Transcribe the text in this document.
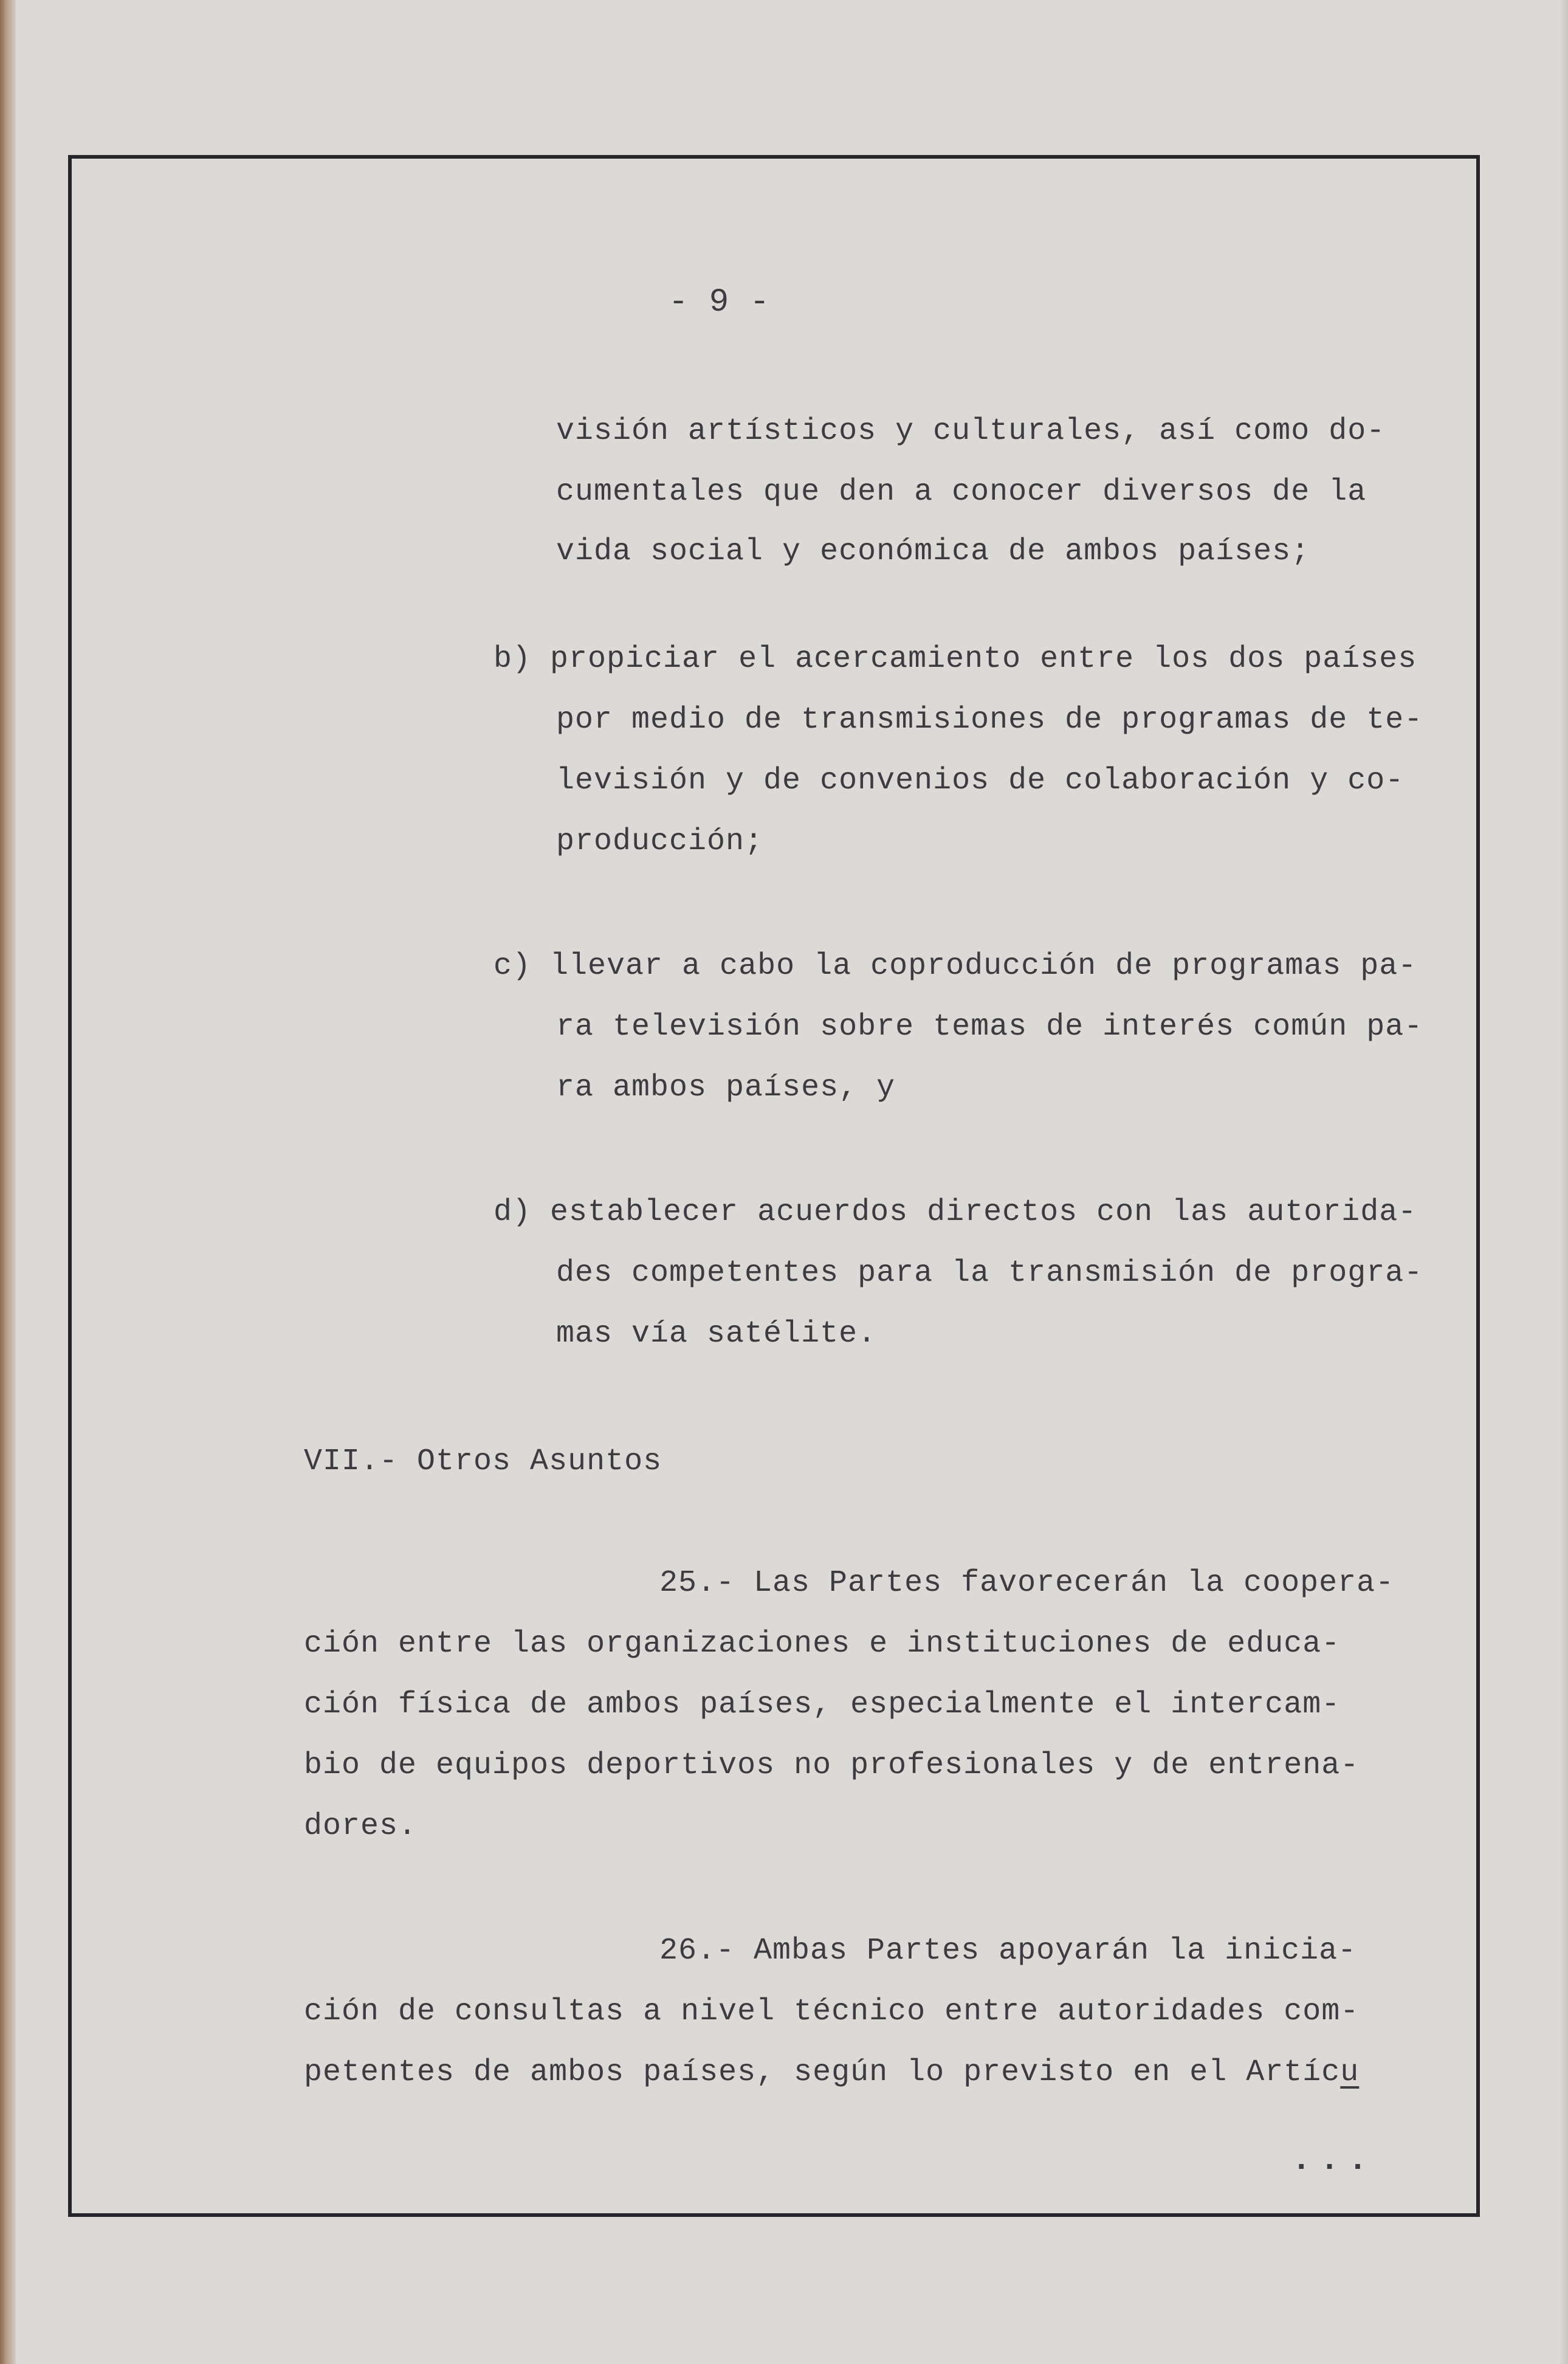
- 9 -
visión artísticos y culturales, así como do-
cumentales que den a conocer diversos de la
vida social y económica de ambos países;
b) propiciar el acercamiento entre los dos países
por medio de transmisiones de programas de te-
levisión y de convenios de colaboración y co-
producción;
c) llevar a cabo la coproducción de programas pa-
ra televisión sobre temas de interés común pa-
ra ambos países, y
d) establecer acuerdos directos con las autorida-
des competentes para la transmisión de progra-
mas vía satélite.
VII.- Otros Asuntos
25.- Las Partes favorecerán la coopera-
ción entre las organizaciones e instituciones de educa-
ción física de ambos países, especialmente el intercam-
bio de equipos deportivos no profesionales y de entrena-
dores.
26.- Ambas Partes apoyarán la inicia-
ción de consultas a nivel técnico entre autoridades com-
petentes de ambos países, según lo previsto en el Artícu
...
